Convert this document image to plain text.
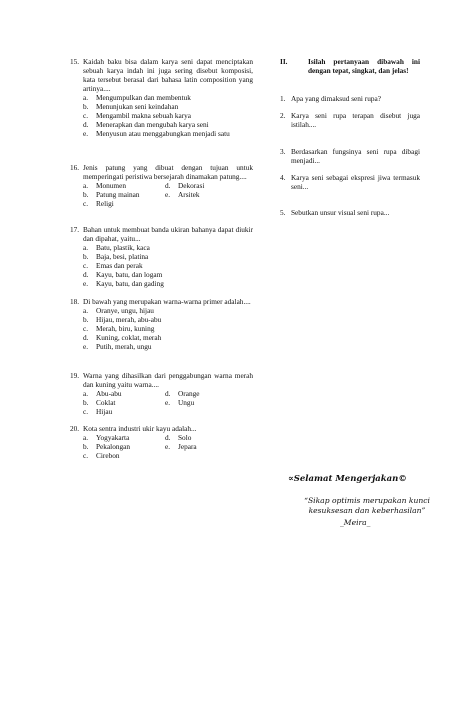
15. Kaidah baku bisa dalam karya seni dapat menciptakan sebuah karya indah ini juga sering disebut komposisi, kata tersebut berasal dari bahasa latin composition yang artinya....
a.	Mengumpulkan dan membentuk
b.	Menunjukan seni keindahan
c.	Mengambil makna sebuah karya
d.	Menerapkan dan mengubah karya seni
e.	Menyusun atau menggabungkan menjadi satu
16. Jenis patung yang dibuat dengan tujuan untuk memperingati peristiwa bersejarah dinamakan patung....
a.	Monumen	d.	Dekorasi
b.	Patung mainan	e.	Arsitek
c.	Religi
17. Bahan untuk membuat banda ukiran bahanya dapat diukir dan dipahat, yaitu...
a.	Batu, plastik, kaca
b.	Baja, besi, platina
c.	Emas dan perak
d.	Kayu, batu, dan logam
e.	Kayu, batu, dan gading
18. Di bawah yang merupakan warna-warna primer adalah....
a.	Oranye, ungu, hijau
b.	Hijau, merah, abu-abu
c.	Merah, biru, kuning
d.	Kuning, coklat, merah
e.	Putih, merah, ungu
19. Warna yang dihasilkan dari penggabungan warna merah dan kuning yaitu warna....
a.	Abu-abu	d.	Orange
b.	Coklat	e.	Ungu
c.	Hijau
20. Kota sentra industri ukir kayu adalah...
a.	Yogyakarta	d.	Solo
b.	Pekalongan	e.	Jepara
c.	Cirebon
II.	Isilah pertanyaan dibawah ini dengan tepat, singkat, dan jelas!
1. Apa yang dimaksud seni rupa?
2. Karya seni rupa terapan disebut juga istilah....
3. Berdasarkan fungsinya seni rupa dibagi menjadi...
4. Karya seni sebagai ekspresi jiwa termasuk seni...
5. Sebutkan unsur visual seni rupa...
∝Selamat Mengerjakan©
“Sikap optimis merupakan kunci kesuksesan dan keberhasilan”
_Meira_
